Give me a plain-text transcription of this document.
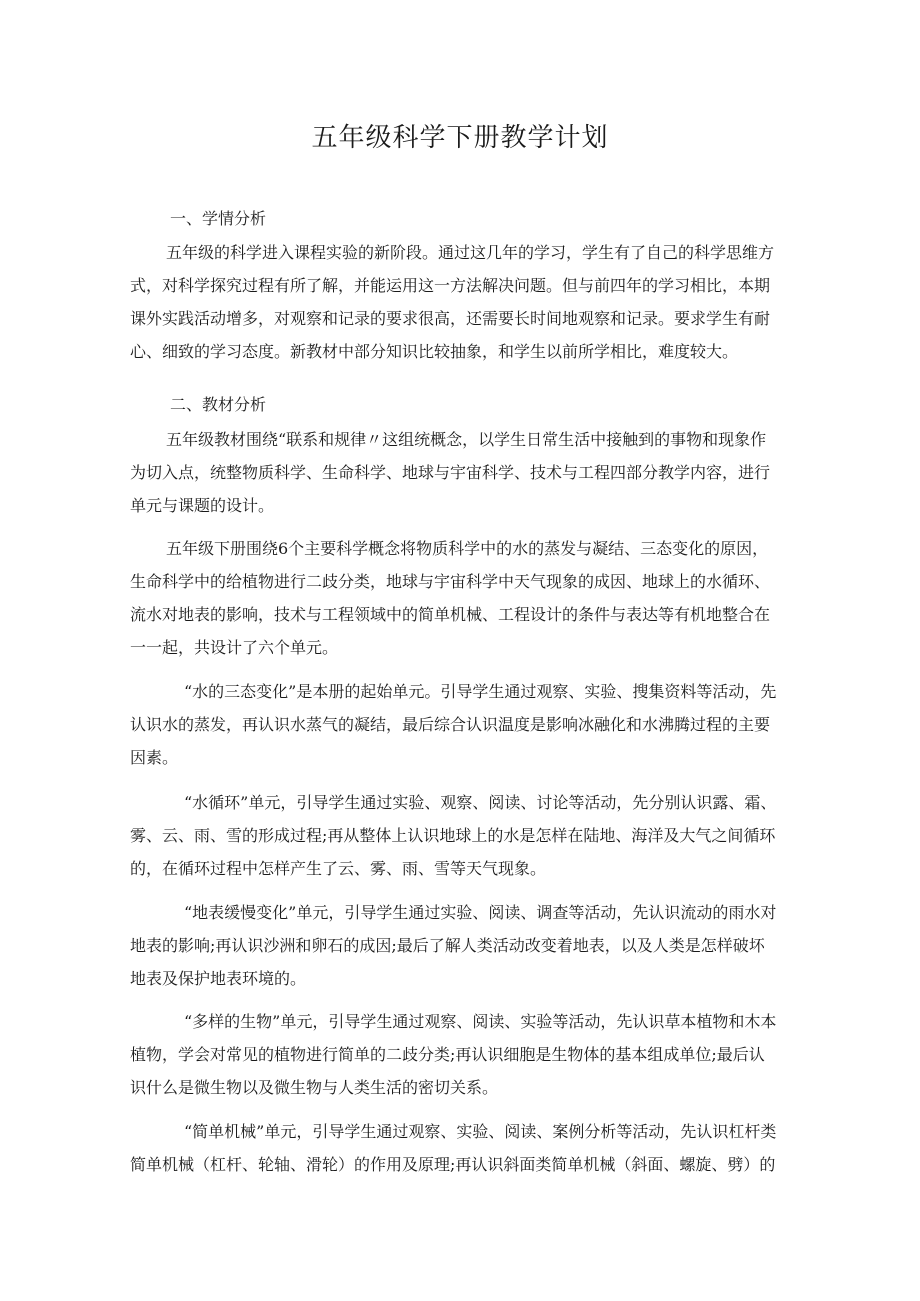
五年级科学下册教学计划
一、学情分析

五年级的科学进入课程实验的新阶段。通过这几年的学习，学生有了自己的科学思维方
式，对科学探究过程有所了解，并能运用这一方法解决问题。但与前四年的学习相比，本期
课外实践活动增多，对观察和记录的要求很高，还需要长时间地观察和记录。要求学生有耐
心、细致的学习态度。新教材中部分知识比较抽象，和学生以前所学相比，难度较大。

二、教材分析

五年级教材围绕“联系和规律〃这组统概念，以学生日常生活中接触到的事物和现象作
为切入点，统整物质科学、生命科学、地球与宇宙科学、技术与工程四部分教学内容，进行
单元与课题的设计。

五年级下册围绕6个主要科学概念将物质科学中的水的蒸发与凝结、三态变化的原因，
生命科学中的给植物进行二歧分类，地球与宇宙科学中天气现象的成因、地球上的水循环、
流水对地表的影响，技术与工程领域中的简单机械、工程设计的条件与表达等有机地整合在
一一起，共设计了六个单元。

“水的三态变化”是本册的起始单元。引导学生通过观察、实验、搜集资料等活动，先
认识水的蒸发，再认识水蒸气的凝结，最后综合认识温度是影响冰融化和水沸腾过程的主要
因素。

“水循环”单元，引导学生通过实验、观察、阅读、讨论等活动，先分别认识露、霜、
雾、云、雨、雪的形成过程;再从整体上认识地球上的水是怎样在陆地、海洋及大气之间循环
的，在循环过程中怎样产生了云、雾、雨、雪等天气现象。

“地表缓慢变化”单元，引导学生通过实验、阅读、调查等活动，先认识流动的雨水对
地表的影响;再认识沙洲和卵石的成因;最后了解人类活动改变着地表，以及人类是怎样破坏
地表及保护地表环境的。

“多样的生物”单元，引导学生通过观察、阅读、实验等活动，先认识草本植物和木本
植物，学会对常见的植物进行简单的二歧分类;再认识细胞是生物体的基本组成单位;最后认
识什么是微生物以及微生物与人类生活的密切关系。

“简单机械”单元，引导学生通过观察、实验、阅读、案例分析等活动，先认识杠杆类
简单机械（杠杆、轮轴、滑轮）的作用及原理;再认识斜面类简单机械（斜面、螺旋、劈）的
